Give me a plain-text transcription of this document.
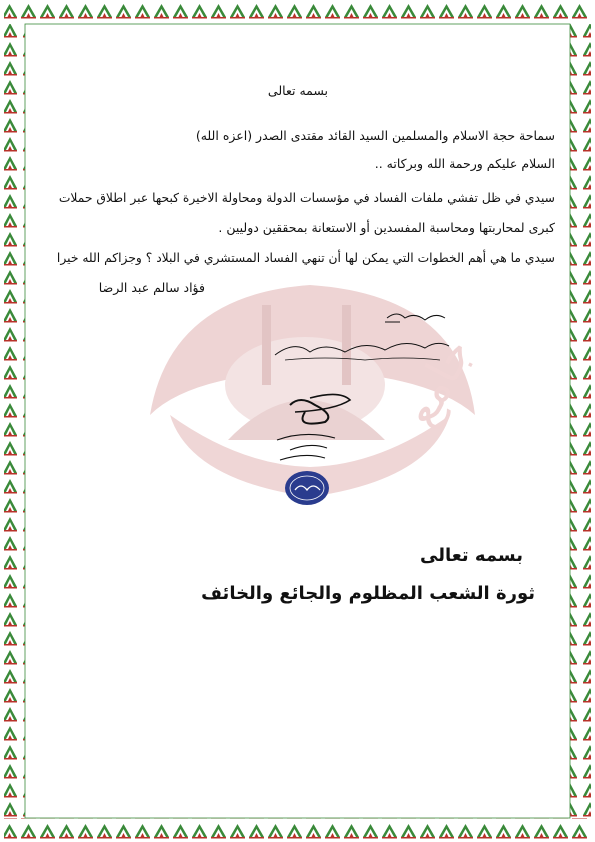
جامع
بسمه تعالى
سماحة حجة الاسلام والمسلمين السيد القائد مقتدى الصدر (اعزه الله)
السلام عليكم ورحمة الله وبركاته ..
سيدي في ظل تفشي ملفات الفساد في مؤسسات الدولة ومحاولة الاخيرة كبحها عبر اطلاق حملات
كبرى لمحاربتها ومحاسبة المفسدين أو الاستعانة بمحققين دوليين .
سيدي ما هي أهم الخطوات التي يمكن لها أن تنهي الفساد المستشري في البلاد ؟ وجزاكم الله خيرا
فؤاد سالم عبد الرضا
بسمه تعالى
ثورة الشعب المظلوم والجائع والخائف
